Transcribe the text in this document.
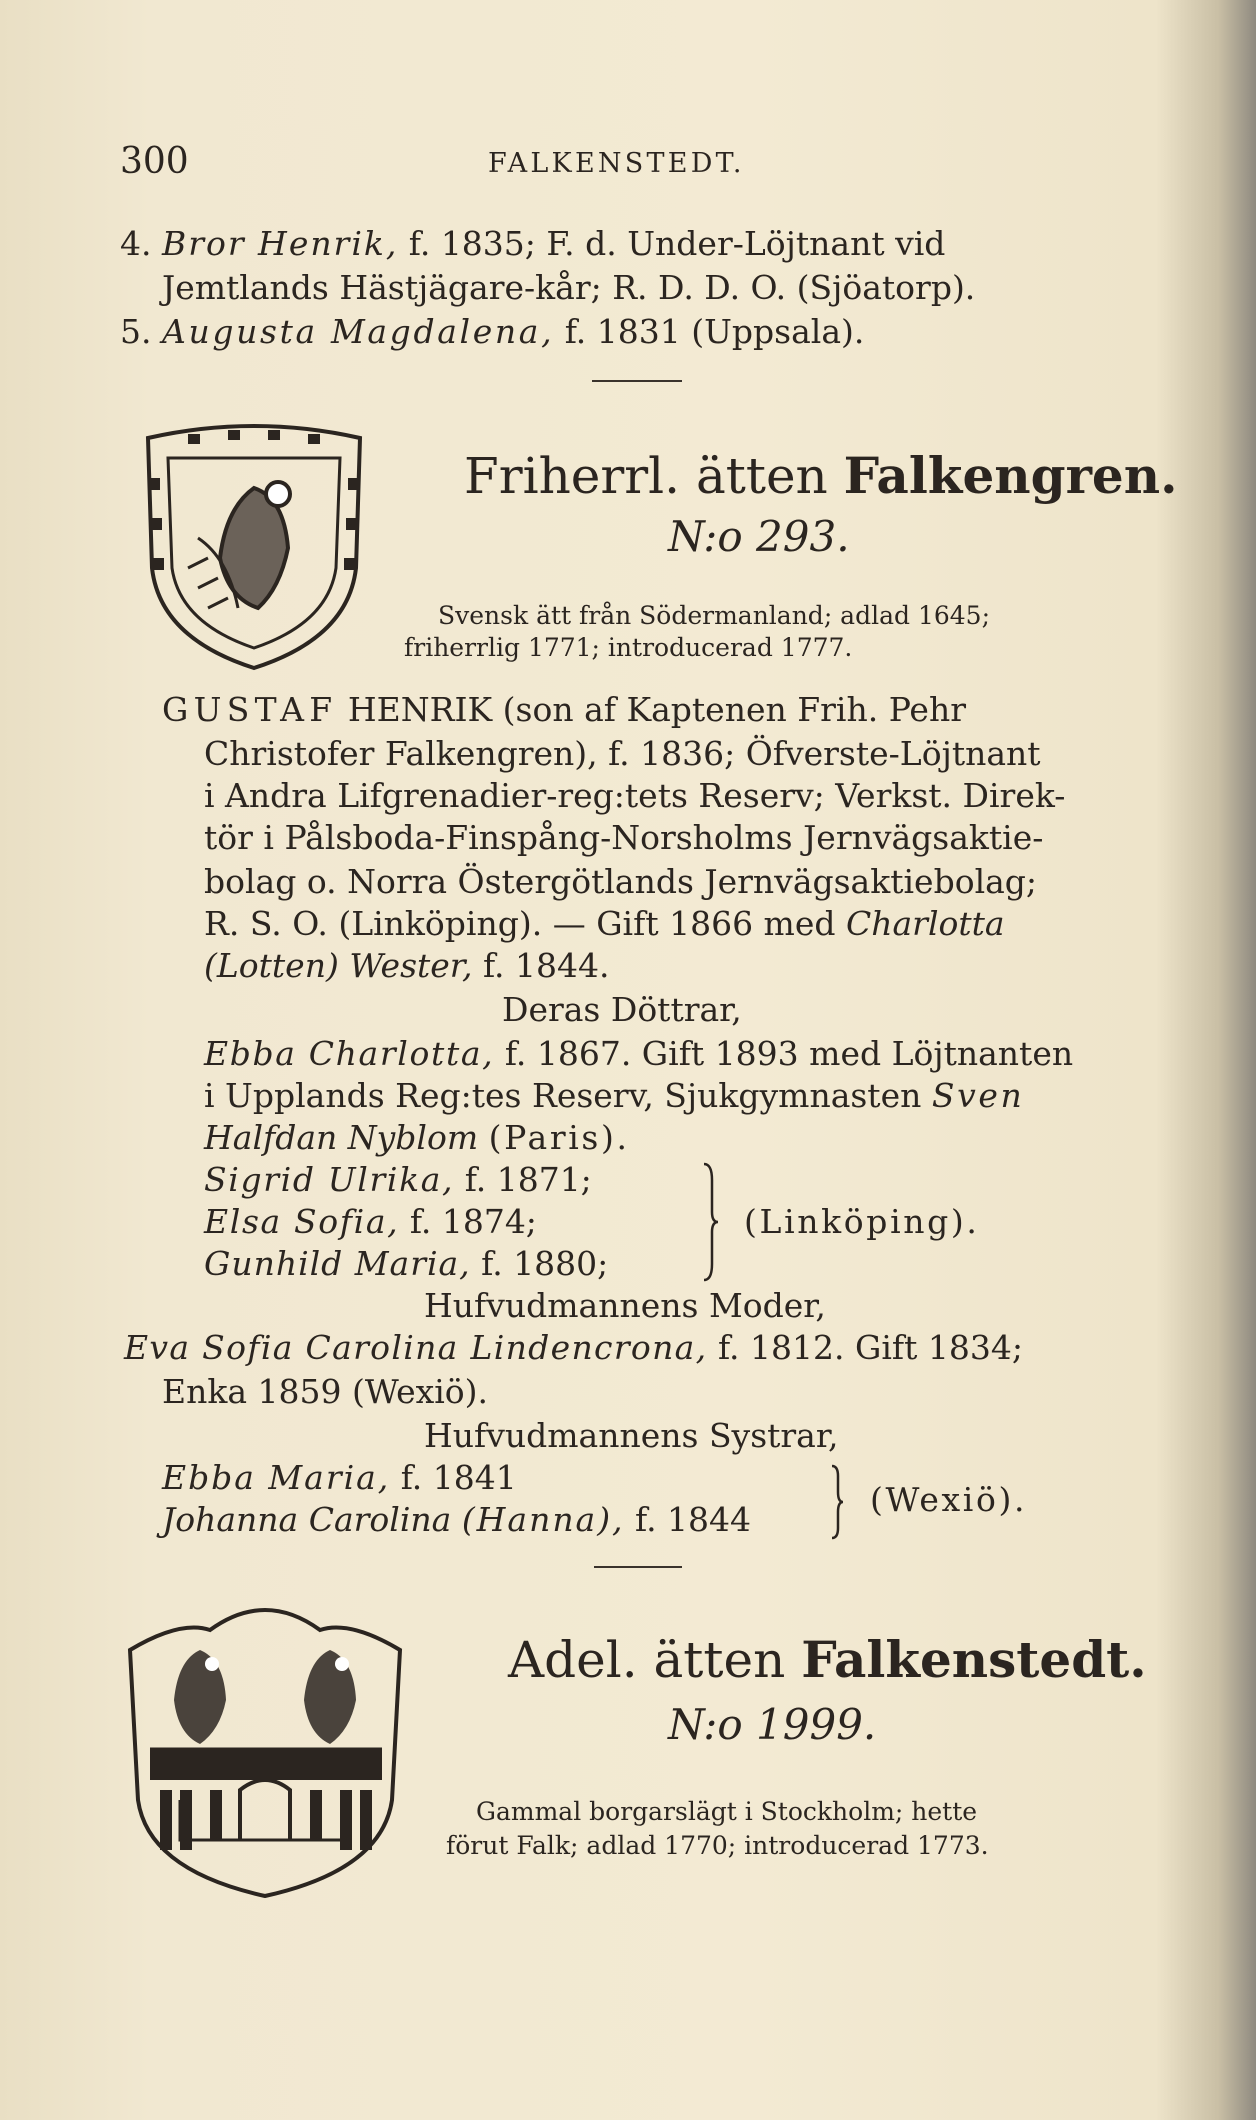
300	FALKENSTEDT.
4. Bror Henrik, f. 1835; F. d. Under-Löjtnant vid
Jemtlands Hästjägare-kår; R. D. D. O. (Sjöatorp).
5. Augusta Magdalena, f. 1831 (Uppsala).
Friherrl. ätten Falkengren.
N:o 293.
Svensk ätt från Södermanland; adlad 1645;
friherrlig 1771; introducerad 1777.
GUSTAF HENRIK (son af Kaptenen Frih. Pehr
Christofer Falkengren), f. 1836; Öfverste-Löjtnant
i Andra Lifgrenadier-reg:tets Reserv; Verkst. Direk-
tör i Pålsboda-Finspång-Norsholms Jernvägsaktie-
bolag o. Norra Östergötlands Jernvägsaktiebolag;
R. S. O. (Linköping). — Gift 1866 med Charlotta
(Lotten) Wester, f. 1844.
Deras Döttrar,
Ebba Charlotta, f. 1867. Gift 1893 med Löjtnanten
i Upplands Reg:tes Reserv, Sjukgymnasten Sven
Halfdan Nyblom (Paris).
Sigrid Ulrika, f. 1871;
Elsa Sofia, f. 1874;
Gunhild Maria, f. 1880;
(Linköping).
Hufvudmannens Moder,
Eva Sofia Carolina Lindencrona, f. 1812. Gift 1834;
Enka 1859 (Wexiö).
Hufvudmannens Systrar,
Ebba Maria, f. 1841
Johanna Carolina (Hanna), f. 1844
(Wexiö).
Adel. ätten Falkenstedt.
N:o 1999.
Gammal borgarslägt i Stockholm; hette
förut Falk; adlad 1770; introducerad 1773.
